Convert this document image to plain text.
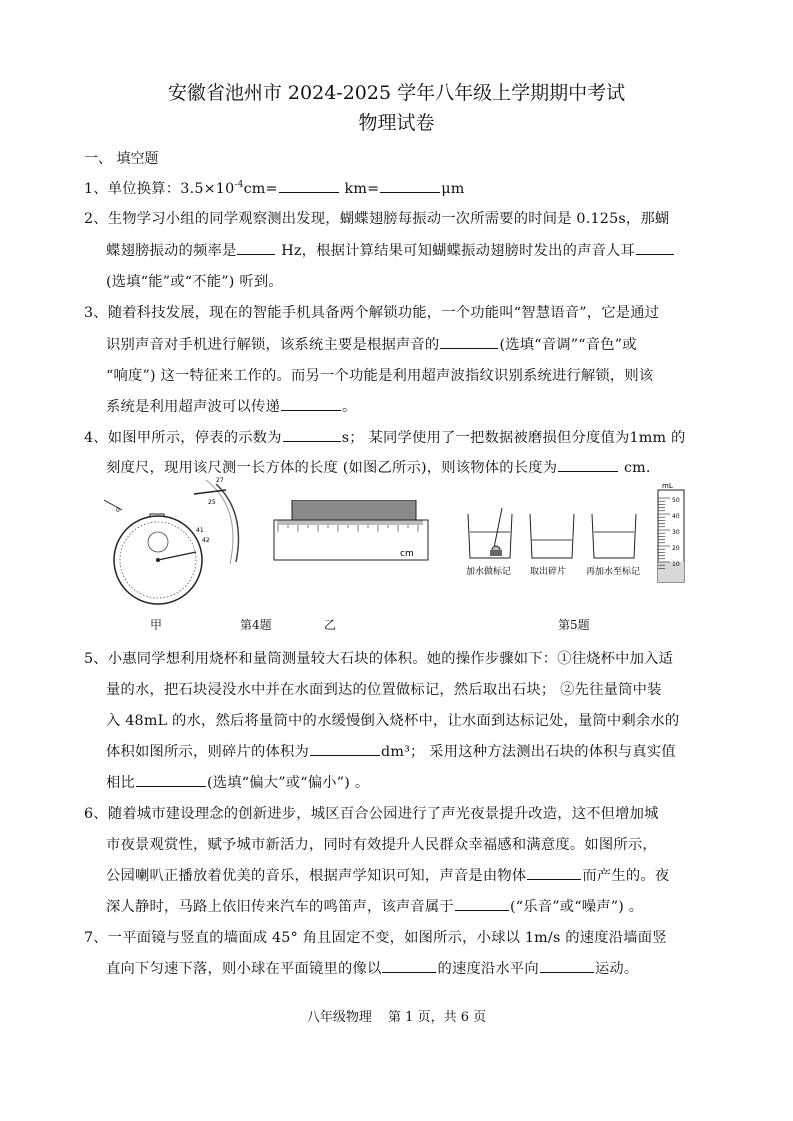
安徽省池州市 2024-2025 学年八年级上学期期中考试
物理试卷
一、 填空题
1、单位换算：$3.5\times 10^{-4}cm=$	km=	μm
2、生物学习小组的同学观察测出发现，蝴蝶翅膀每振动一次所需要的时间是 0.125s，那蝴
蝶翅膀振动的频率是	Hz，根据计算结果可知蝴蝶振动翅膀时发出的声音人耳
(选填“能”或“不能”) 听到。
3、随着科技发展，现在的智能手机具备两个解锁功能，一个功能叫“智慧语音”，它是通过
识别声音对手机进行解锁，该系统主要是根据声音的	(选填“音调”“音色”或
“响度”) 这一特征来工作的。而另一个功能是利用超声波指纹识别系统进行解锁，则该
系统是利用超声波可以传递	。
4、如图甲所示，停表的示数为	s； 某同学使用了一把数据被磨损但分度值为1mm 的
刻度尺，现用该尺测一长方体的长度 (如图乙所示)，则该物体的长度为	cm.
27
25
0
41
42
cm
加水做标记 取出碎片 再加水至标记
mL
50
40
30
20
10
甲	第4题	乙	第5题
5、小惠同学想利用烧杯和量筒测量较大石块的体积。她的操作步骤如下：①往烧杯中加入适
量的水，把石块浸没水中并在水面到达的位置做标记，然后取出石块； ②先往量筒中装
入 48mL 的水，然后将量筒中的水缓慢倒入烧杯中，让水面到达标记处，量筒中剩余水的
体积如图所示，则碎片的体积为	dm³； 采用这种方法测出石块的体积与真实值
相比	(选填“偏大”或“偏小”) 。
6、随着城市建设理念的创新进步，城区百合公园进行了声光夜景提升改造，这不但增加城
市夜景观赏性，赋予城市新活力，同时有效提升人民群众幸福感和满意度。如图所示，
公园喇叭正播放着优美的音乐，根据声学知识可知，声音是由物体	而产生的。夜
深人静时，马路上依旧传来汽车的鸣笛声，该声音属于	(“乐音”或“噪声”) 。
7、一平面镜与竖直的墙面成 45° 角且固定不变，如图所示，小球以 1m/s 的速度沿墙面竖
直向下匀速下落，则小球在平面镜里的像以	的速度沿水平向	运动。
八年级物理 第 1 页，共 6 页
